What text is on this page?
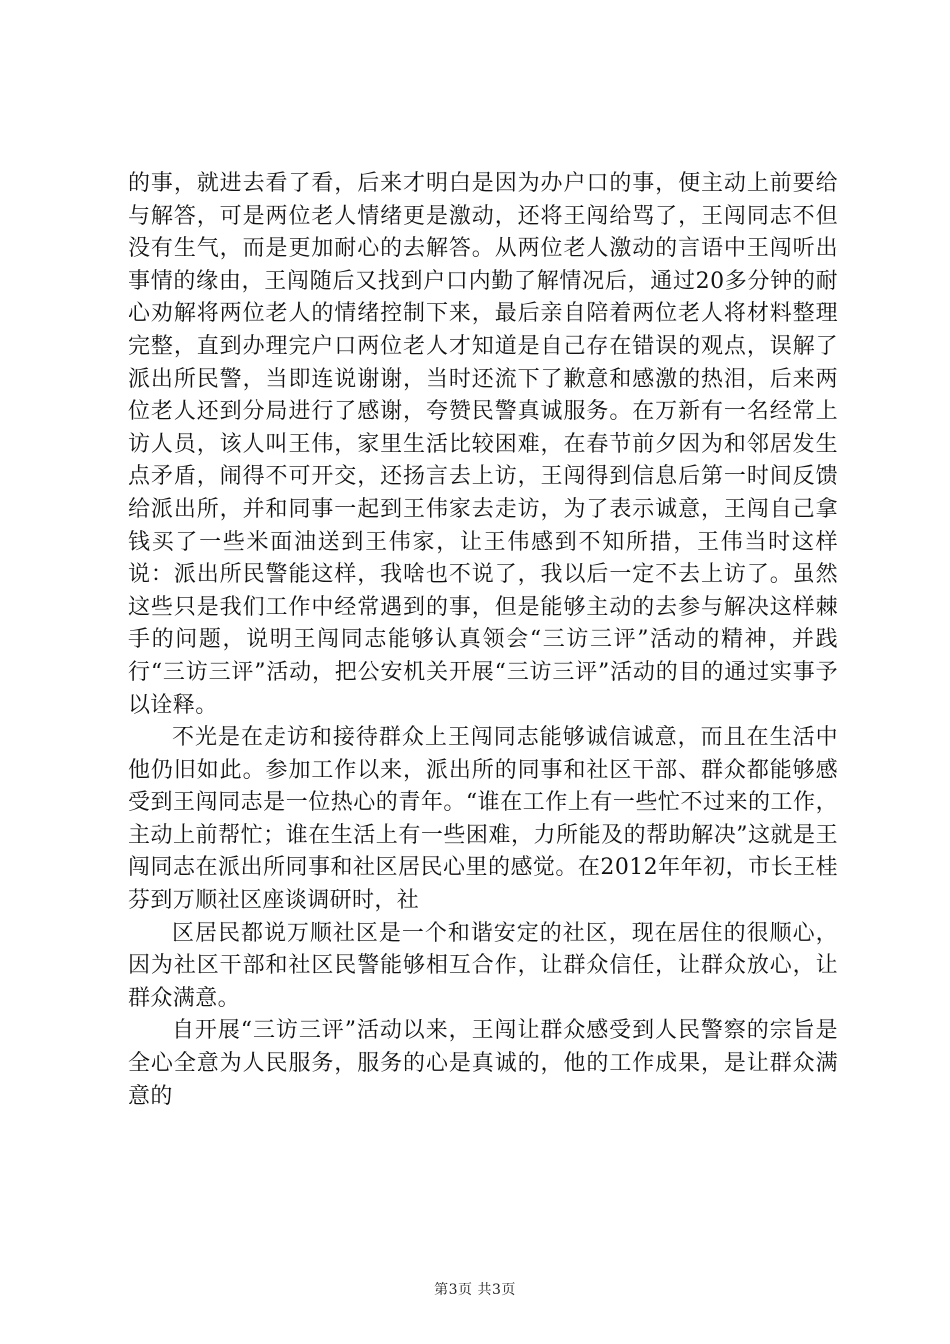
的事，就进去看了看，后来才明白是因为办户口的事，便主动上前要给与解答，可是两位老人情绪更是激动，还将王闯给骂了，王闯同志不但没有生气，而是更加耐心的去解答。从两位老人激动的言语中王闯听出事情的缘由，王闯随后又找到户口内勤了解情况后，通过20多分钟的耐心劝解将两位老人的情绪控制下来，最后亲自陪着两位老人将材料整理完整，直到办理完户口两位老人才知道是自己存在错误的观点，误解了派出所民警，当即连说谢谢，当时还流下了歉意和感激的热泪，后来两位老人还到分局进行了感谢，夸赞民警真诚服务。在万新有一名经常上访人员，该人叫王伟，家里生活比较困难，在春节前夕因为和邻居发生点矛盾，闹得不可开交，还扬言去上访，王闯得到信息后第一时间反馈给派出所，并和同事一起到王伟家去走访，为了表示诚意，王闯自己拿钱买了一些米面油送到王伟家，让王伟感到不知所措，王伟当时这样说：派出所民警能这样，我啥也不说了，我以后一定不去上访了。虽然这些只是我们工作中经常遇到的事，但是能够主动的去参与解决这样棘手的问题，说明王闯同志能够认真领会“三访三评”活动的精神，并践行“三访三评”活动，把公安机关开展“三访三评”活动的目的通过实事予以诠释。

不光是在走访和接待群众上王闯同志能够诚信诚意，而且在生活中他仍旧如此。参加工作以来，派出所的同事和社区干部、群众都能够感受到王闯同志是一位热心的青年。“谁在工作上有一些忙不过来的工作，主动上前帮忙；谁在生活上有一些困难，力所能及的帮助解决”这就是王闯同志在派出所同事和社区居民心里的感觉。在2012年年初，市长王桂芬到万顺社区座谈调研时，社

区居民都说万顺社区是一个和谐安定的社区，现在居住的很顺心，因为社区干部和社区民警能够相互合作，让群众信任，让群众放心，让群众满意。

自开展“三访三评”活动以来，王闯让群众感受到人民警察的宗旨是全心全意为人民服务，服务的心是真诚的，他的工作成果，是让群众满意的

第3页 共3页
